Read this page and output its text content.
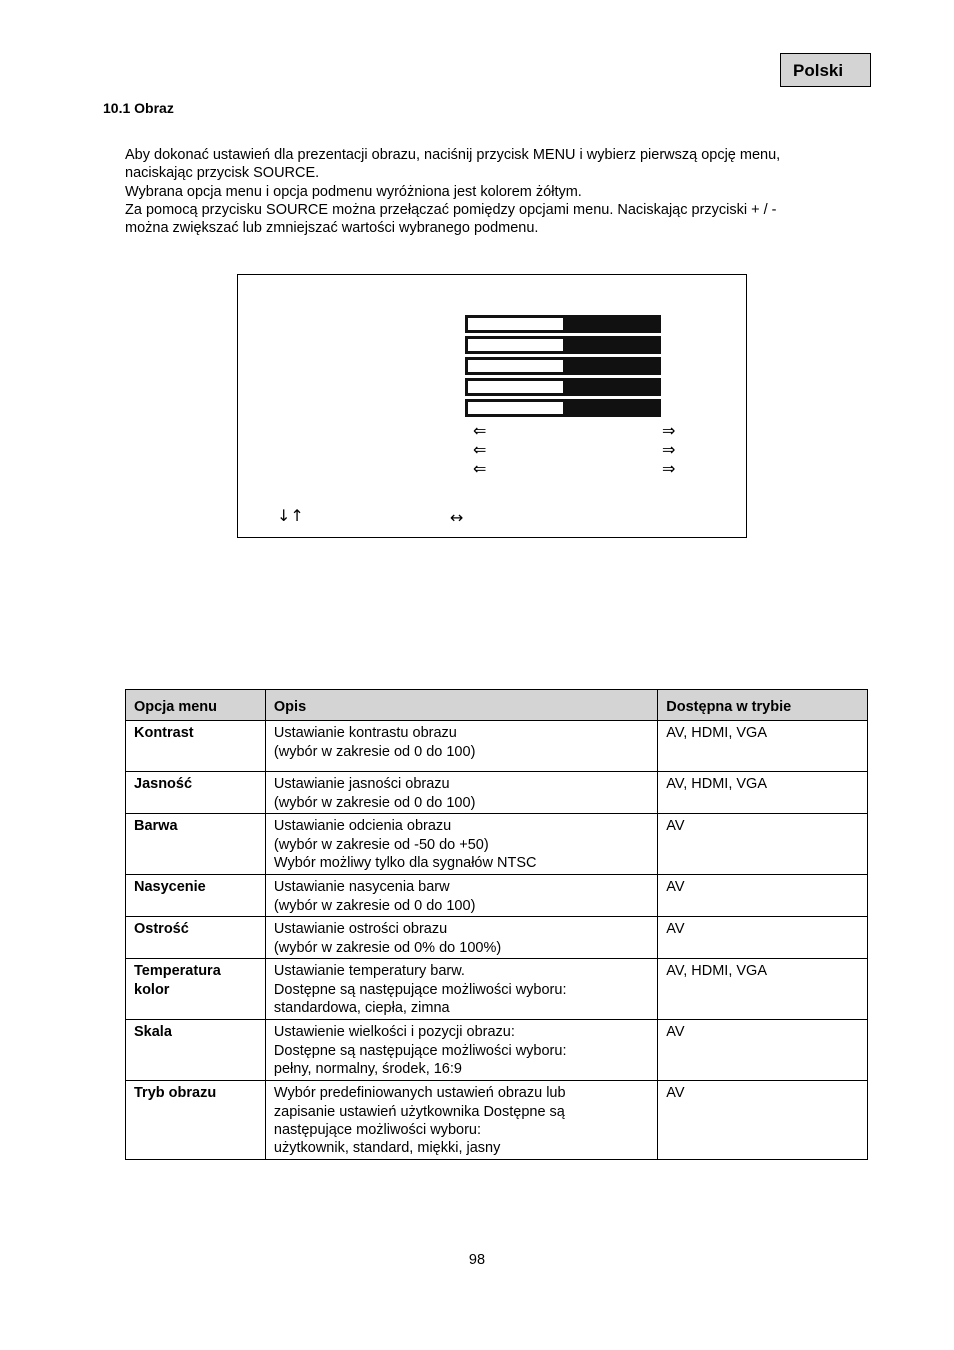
Polski
10.1 Obraz

Aby dokonać ustawień dla prezentacji obrazu, naciśnij przycisk MENU i wybierz pierwszą opcję menu,

naciskając przycisk SOURCE.

Wybrana opcja menu i opcja podmenu wyróżniona jest kolorem żółtym.

Za pomocą przycisku SOURCE można przełączać pomiędzy opcjami menu. Naciskając przyciski + / -

można zwiększać lub zmniejszać wartości wybranego podmenu.

⇐	⇒
⇐	⇒
⇐	⇒
↓↑	↔
Opcja menu	Opis	Dostępna w trybie
Kontrast	Ustawianie kontrastu obrazu
(wybór w zakresie od 0 do 100)	AV, HDMI, VGA
Jasność	Ustawianie jasności obrazu
(wybór w zakresie od 0 do 100)	AV, HDMI, VGA
Barwa	Ustawianie odcienia obrazu
(wybór w zakresie od -50 do +50)
Wybór możliwy tylko dla sygnałów NTSC	AV
Nasycenie	Ustawianie nasycenia barw
(wybór w zakresie od 0 do 100)	AV
Ostrość	Ustawianie ostrości obrazu
(wybór w zakresie od 0% do 100%)	AV
Temperatura kolor	Ustawianie temperatury barw.
Dostępne są następujące możliwości wyboru:
standardowa, ciepła, zimna	AV, HDMI, VGA
Skala	Ustawienie wielkości i pozycji obrazu:
Dostępne są następujące możliwości wyboru:
pełny, normalny, środek, 16:9	AV
Tryb obrazu	Wybór predefiniowanych ustawień obrazu lub
zapisanie ustawień użytkownika Dostępne są
następujące możliwości wyboru:
użytkownik, standard, miękki, jasny	AV
98
